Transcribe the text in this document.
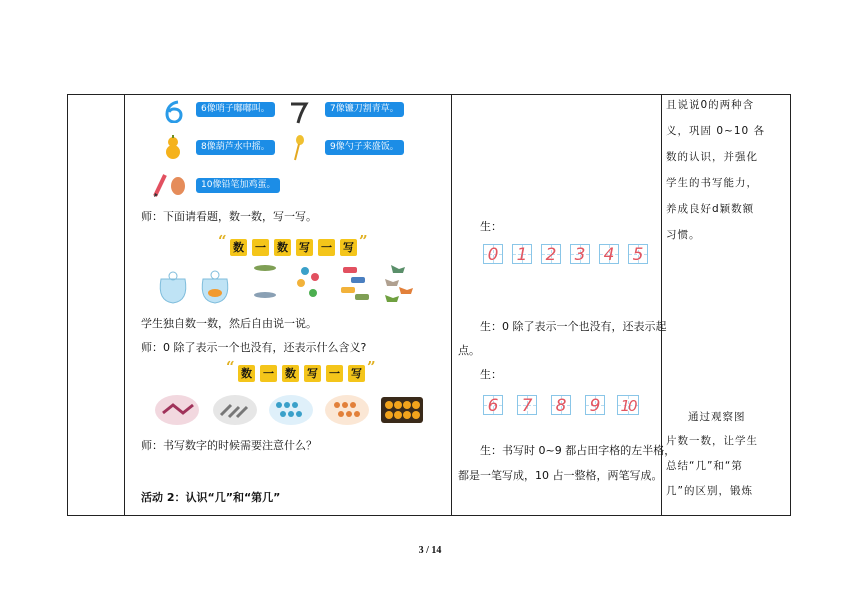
6像哨子嘟嘟叫。	7像镰刀割青草。
8像葫芦水中摇。	9像勺子来盛饭。
10像铅笔加鸡蛋。
师：下面请看题，数一数，写一写。
“ 数 一 数 写 一 写 ”
学生独自数一数，然后自由说一说。
师：0 除了表示一个也没有，还表示什么含义?
“ 数 一 数 写 一 写 ”
师：书写数字的时候需要注意什么？
活动 2：认识“几”和“第几”
生：
0 1 2 3 4 5
生：0 除了表示一个也没有，还表示起
点。
生：
6 7 8 9 10
生：书写时 0~9 都占田字格的左半格，
都是一笔写成，10 占一整格，两笔写成。
且说说0的两种含
义，巩固 0~10 各
数的认识，并强化
学生的书写能力，
养成良好d颖数额
习惯。
通过观察图
片数一数，让学生
总结“几”和“第
几”的区别，锻炼
3 / 14
